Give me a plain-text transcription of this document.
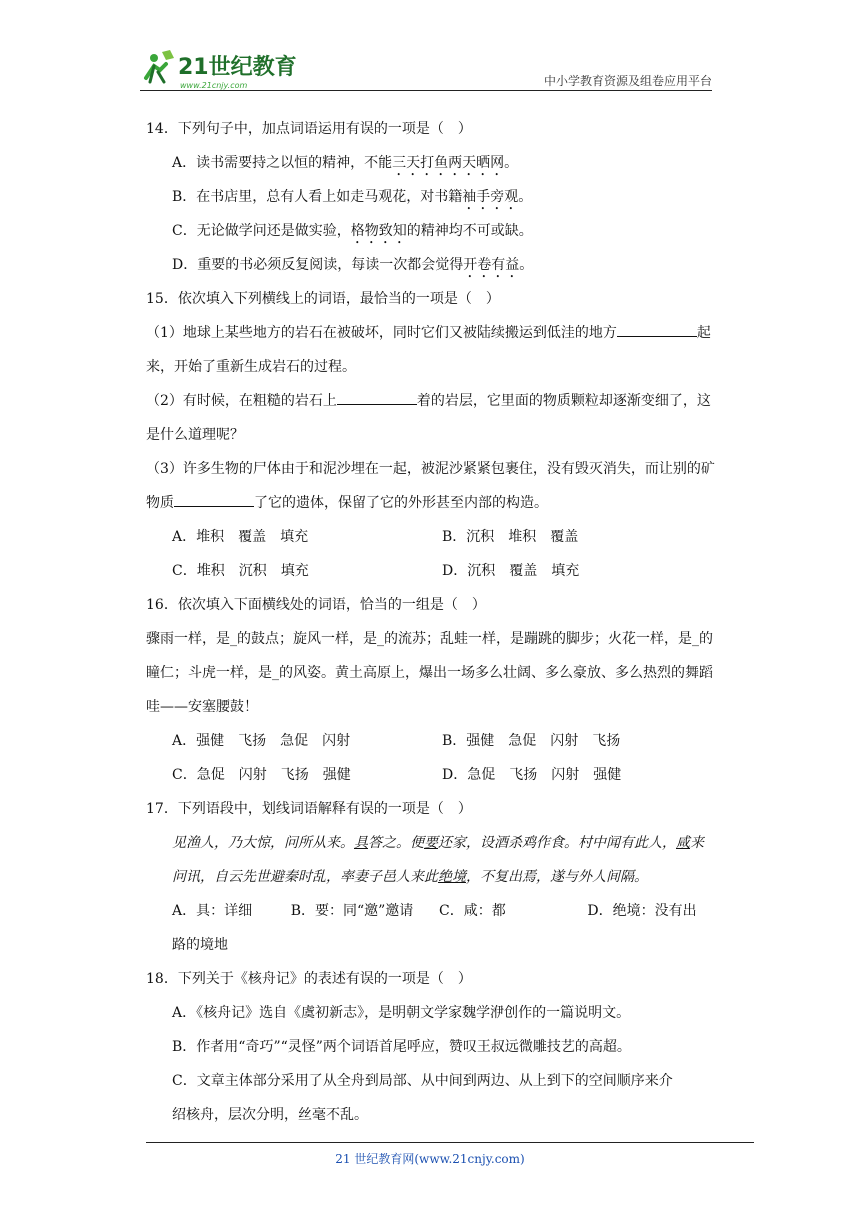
21世纪教育
www.21cnjy.com	中小学教育资源及组卷应用平台

14．下列句子中，加点词语运用有误的一项是（　）

A．读书需要持之以恒的精神，不能三天打鱼两天晒网。

B．在书店里，总有人看上如走马观花，对书籍袖手旁观。

C．无论做学问还是做实验，格物致知的精神均不可或缺。

D．重要的书必须反复阅读，每读一次都会觉得开卷有益。

15．依次填入下列横线上的词语，最恰当的一项是（　）

（1）地球上某些地方的岩石在被破坏，同时它们又被陆续搬运到低洼的地方	起来，开始了重新生成岩石的过程。

（2）有时候，在粗糙的岩石上	着的岩层，它里面的物质颗粒却逐渐变细了，这是什么道理呢？

（3）许多生物的尸体由于和泥沙埋在一起，被泥沙紧紧包裹住，没有毁灭消失，而让别的矿物质	了它的遗体，保留了它的外形甚至内部的构造。

A．堆积　覆盖　填充	B．沉积　堆积　覆盖
C．堆积　沉积　填充	D．沉积　覆盖　填充

16．依次填入下面横线处的词语，恰当的一组是（　）

骤雨一样，是_的鼓点；旋风一样，是_的流苏；乱蛙一样，是蹦跳的脚步；火花一样，是_的瞳仁；斗虎一样，是_的风姿。黄土高原上，爆出一场多么壮阔、多么豪放、多么热烈的舞蹈哇——安塞腰鼓！

A．强健　飞扬　急促　闪射	B．强健　急促　闪射　飞扬
C．急促　闪射　飞扬　强健	D．急促　飞扬　闪射　强健

17．下列语段中，划线词语解释有误的一项是（　）

见渔人，乃大惊，问所从来。具答之。便要还家，设酒杀鸡作食。村中闻有此人，咸来问讯，自云先世避秦时乱，率妻子邑人来此绝境，不复出焉，遂与外人间隔。

A．具：详细	B．要：同“邀”邀请	C．咸：都	D．绝境：没有出

路的境地

18．下列关于《核舟记》的表述有误的一项是（　）

A．《核舟记》选自《虞初新志》，是明朝文学家魏学洢创作的一篇说明文。

B．作者用“奇巧”“灵怪”两个词语首尾呼应，赞叹王叔远微雕技艺的高超。

C．文章主体部分采用了从全舟到局部、从中间到两边、从上到下的空间顺序来介

绍核舟，层次分明，丝毫不乱。

21 世纪教育网(www.21cnjy.com)
